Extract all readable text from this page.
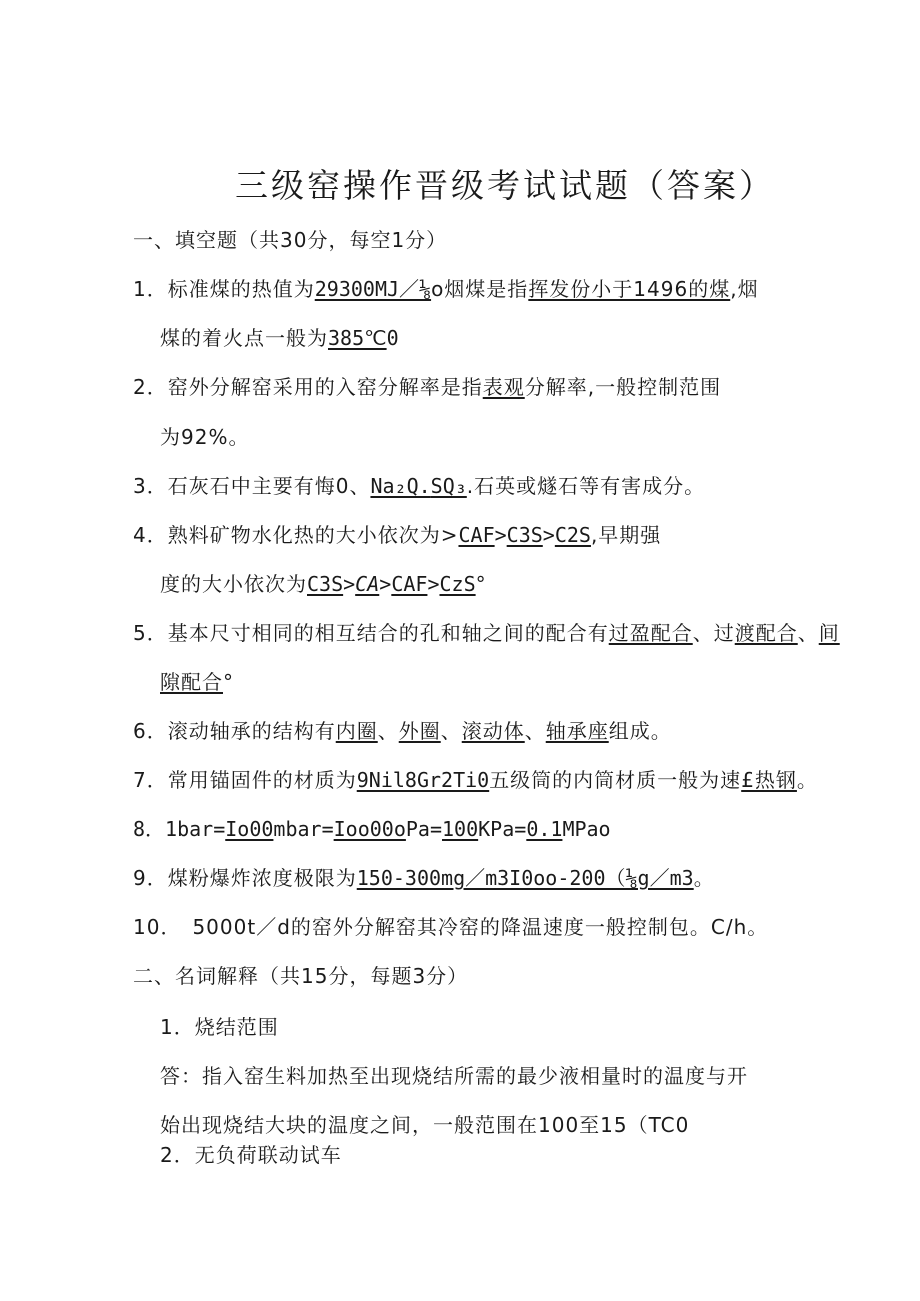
三级窑操作晋级考试试题（答案）
一、填空题（共30分，每空1分）
1．标准煤的热值为29300MJ／⅛o烟煤是指挥发份小于1496的煤,烟
煤的着火点一般为385℃0
2．窑外分解窑采用的入窑分解率是指表观分解率,一般控制范围
为92%。
3．石灰石中主要有悔0、Na₂Q.SQ₃.石英或燧石等有害成分。
4．熟料矿物水化热的大小依次为>CAF>C3S>C2S,早期强
度的大小依次为C3S>CA>CAF>CzS°
5．基本尺寸相同的相互结合的孔和轴之间的配合有过盈配合、过渡配合、间
隙配合°
6．滚动轴承的结构有内圈、外圈、滚动体、轴承座组成。
7．常用锚固件的材质为9Nil8Gr2Ti0五级筒的内筒材质一般为速£热钢。
8．1bar=Io00mbar=Ioo00oPa=100KPa=0.1MPao
9．煤粉爆炸浓度极限为150-300mg／m3I0oo-200（⅛g／m3。
10．　5000t／d的窑外分解窑其冷窑的降温速度一般控制包。C/h。
二、名词解释（共15分，每题3分）
1．烧结范围
答：指入窑生料加热至出现烧结所需的最少液相量时的温度与开
始出现烧结大块的温度之间，一般范围在100至15（TC0
2．无负荷联动试车
